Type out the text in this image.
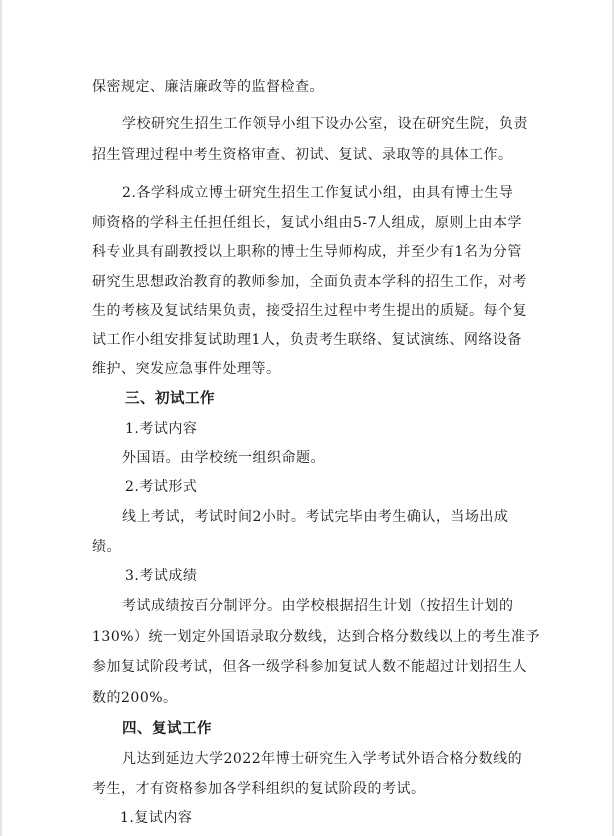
保密规定、廉洁廉政等的监督检查。
学校研究生招生工作领导小组下设办公室，设在研究生院，负责
招生管理过程中考生资格审查、初试、复试、录取等的具体工作。
2.各学科成立博士研究生招生工作复试小组，由具有博士生导
师资格的学科主任担任组长，复试小组由5-7人组成，原则上由本学
科专业具有副教授以上职称的博士生导师构成，并至少有1名为分管
研究生思想政治教育的教师参加，全面负责本学科的招生工作，对考
生的考核及复试结果负责，接受招生过程中考生提出的质疑。每个复
试工作小组安排复试助理1人，负责考生联络、复试演练、网络设备
维护、突发应急事件处理等。
三、初试工作
1.考试内容
外国语。由学校统一组织命题。
2.考试形式
线上考试，考试时间2小时。考试完毕由考生确认，当场出成
绩。
3.考试成绩
考试成绩按百分制评分。由学校根据招生计划（按招生计划的
130%）统一划定外国语录取分数线，达到合格分数线以上的考生准予
参加复试阶段考试，但各一级学科参加复试人数不能超过计划招生人
数的200%。
四、复试工作
凡达到延边大学2022年博士研究生入学考试外语合格分数线的
考生，才有资格参加各学科组织的复试阶段的考试。
1.复试内容
